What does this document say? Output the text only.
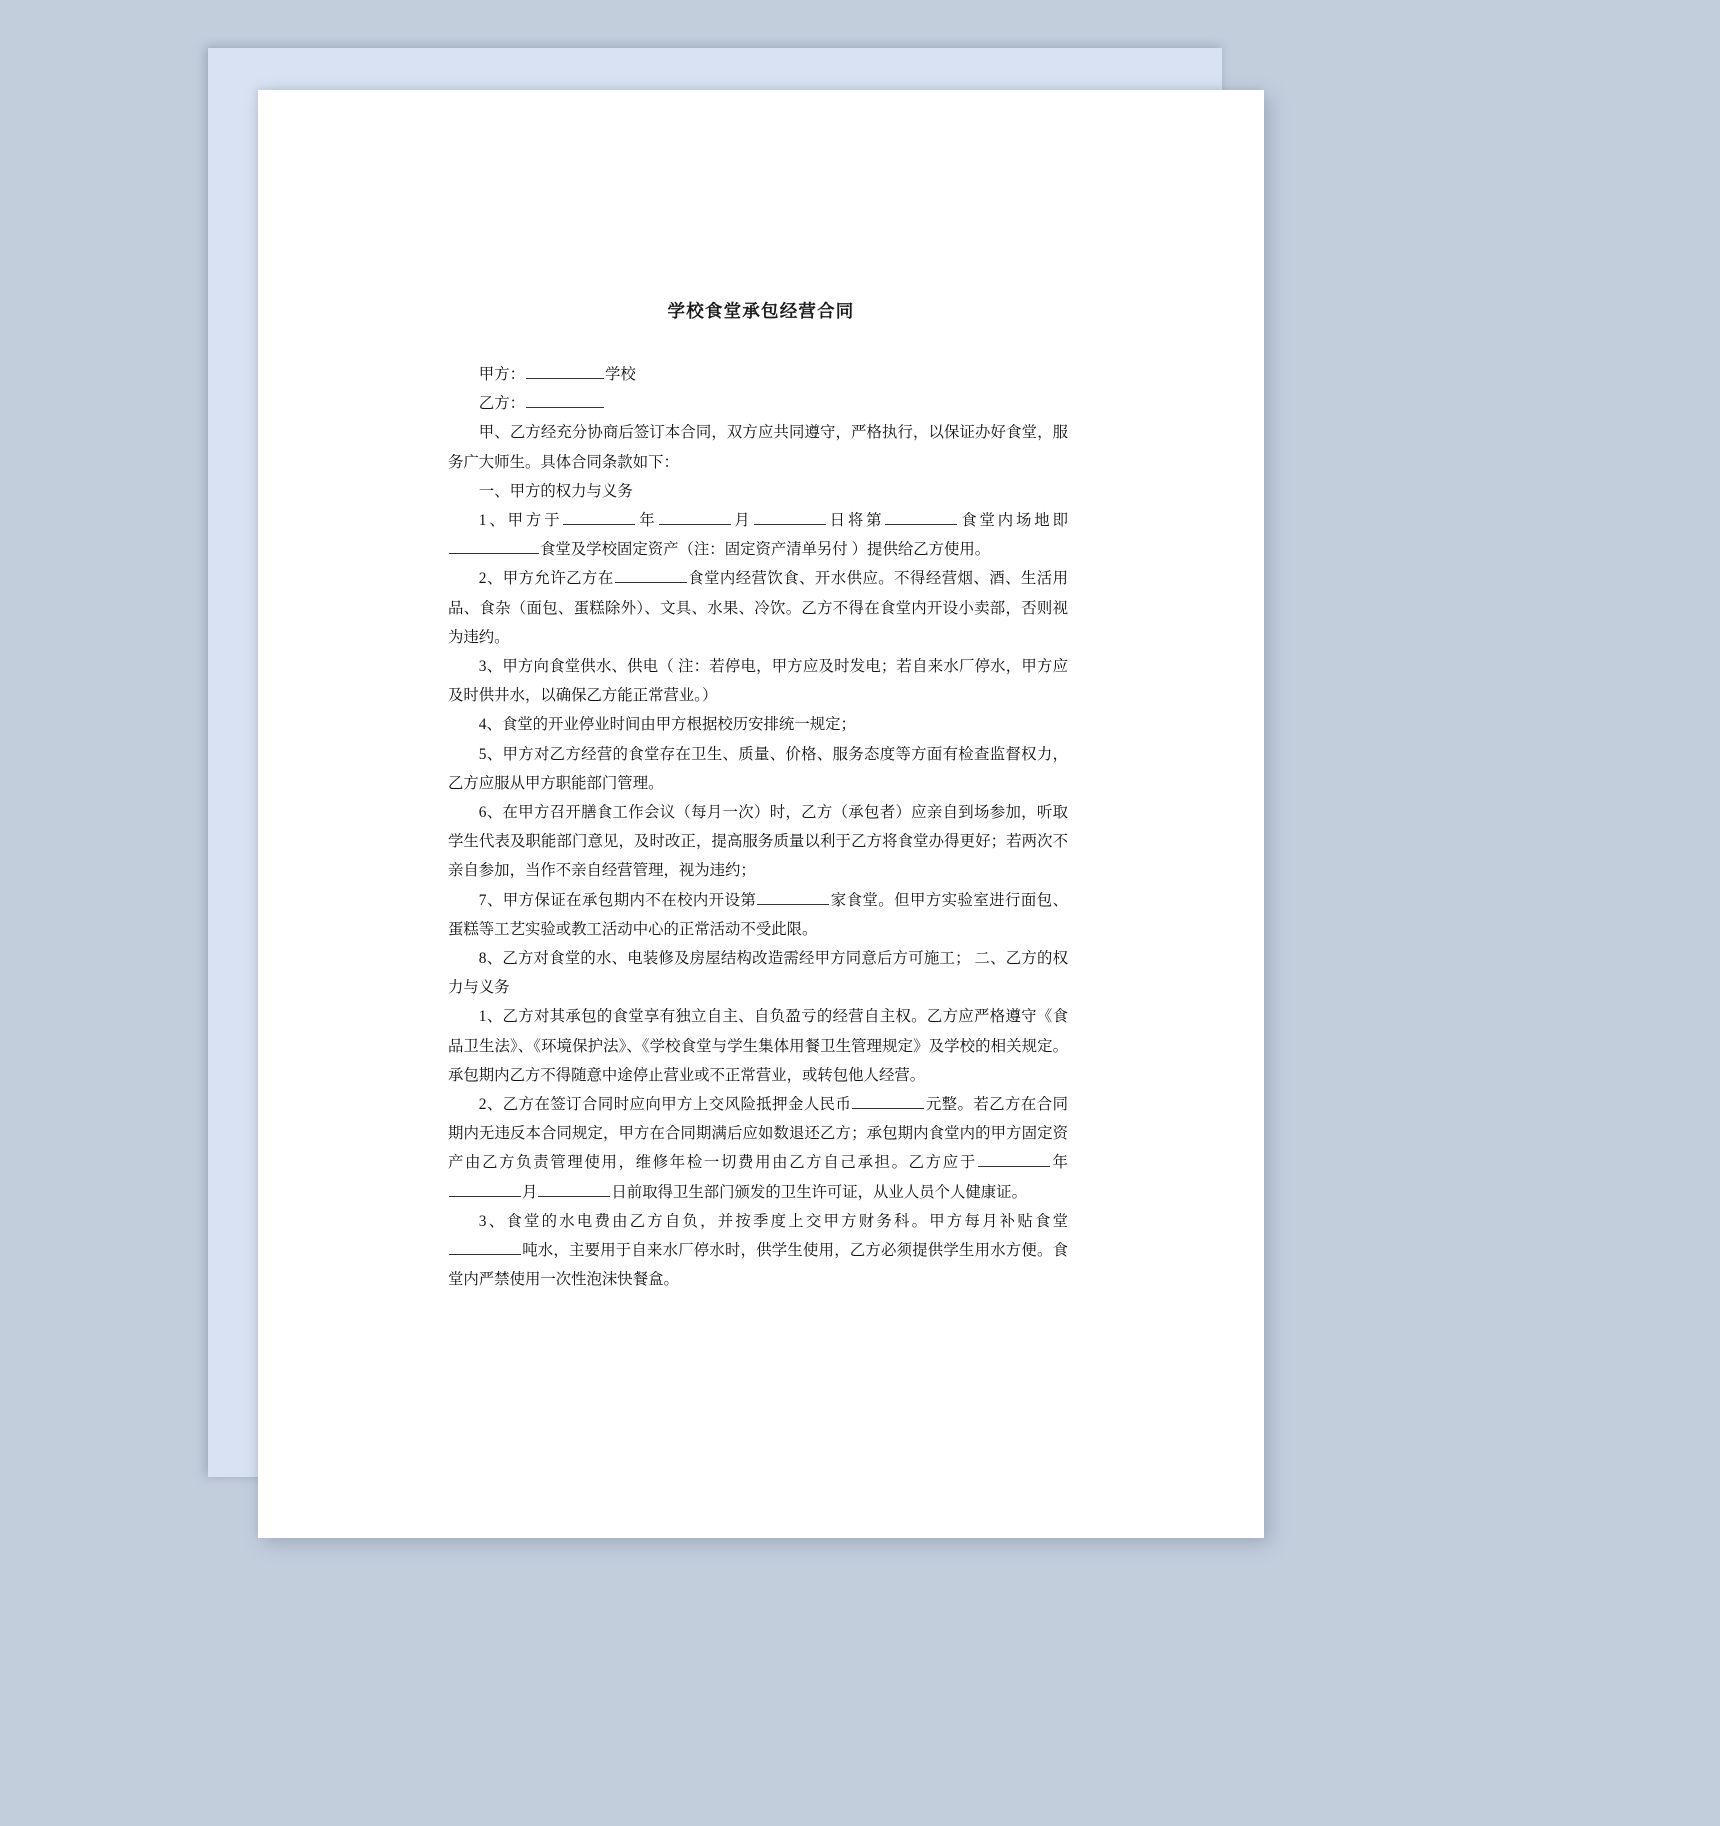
学校食堂承包经营合同

甲方：	学校

乙方：

甲、乙方经充分协商后签订本合同，双方应共同遵守，严格执行，以保证办好食堂，服务广大师生。具体合同条款如下：

一、甲方的权力与义务

1、甲方于	年	月	日将第	食堂内场地即食堂及学校固定资产（注：固定资产清单另付 ）提供给乙方使用。

2、甲方允许乙方在	食堂内经营饮食、开水供应。不得经营烟、酒、生活用品、食杂（面包、蛋糕除外）、文具、水果、冷饮。乙方不得在食堂内开设小卖部，否则视为违约。

3、甲方向食堂供水、供电（ 注：若停电，甲方应及时发电；若自来水厂停水，甲方应及时供井水，以确保乙方能正常营业。）

4、食堂的开业停业时间由甲方根据校历安排统一规定；

5、甲方对乙方经营的食堂存在卫生、质量、价格、服务态度等方面有检查监督权力，乙方应服从甲方职能部门管理。

6、在甲方召开膳食工作会议（每月一次）时，乙方（承包者）应亲自到场参加，听取学生代表及职能部门意见，及时改正，提高服务质量以利于乙方将食堂办得更好；若两次不亲自参加，当作不亲自经营管理，视为违约；

7、甲方保证在承包期内不在校内开设第	家食堂。但甲方实验室进行面包、蛋糕等工艺实验或教工活动中心的正常活动不受此限。

8、乙方对食堂的水、电装修及房屋结构改造需经甲方同意后方可施工； 二、乙方的权力与义务

1、乙方对其承包的食堂享有独立自主、自负盈亏的经营自主权。乙方应严格遵守《食品卫生法》、《环境保护法》、《学校食堂与学生集体用餐卫生管理规定》及学校的相关规定。承包期内乙方不得随意中途停止营业或不正常营业，或转包他人经营。

2、乙方在签订合同时应向甲方上交风险抵押金人民币	元整。若乙方在合同期内无违反本合同规定，甲方在合同期满后应如数退还乙方；承包期内食堂内的甲方固定资产由乙方负责管理使用，维修年检一切费用由乙方自己承担。乙方应于	年月	日前取得卫生部门颁发的卫生许可证，从业人员个人健康证。

3、食堂的水电费由乙方自负，并按季度上交甲方财务科。甲方每月补贴食堂吨水，主要用于自来水厂停水时，供学生使用，乙方必须提供学生用水方便。食堂内严禁使用一次性泡沫快餐盒。
